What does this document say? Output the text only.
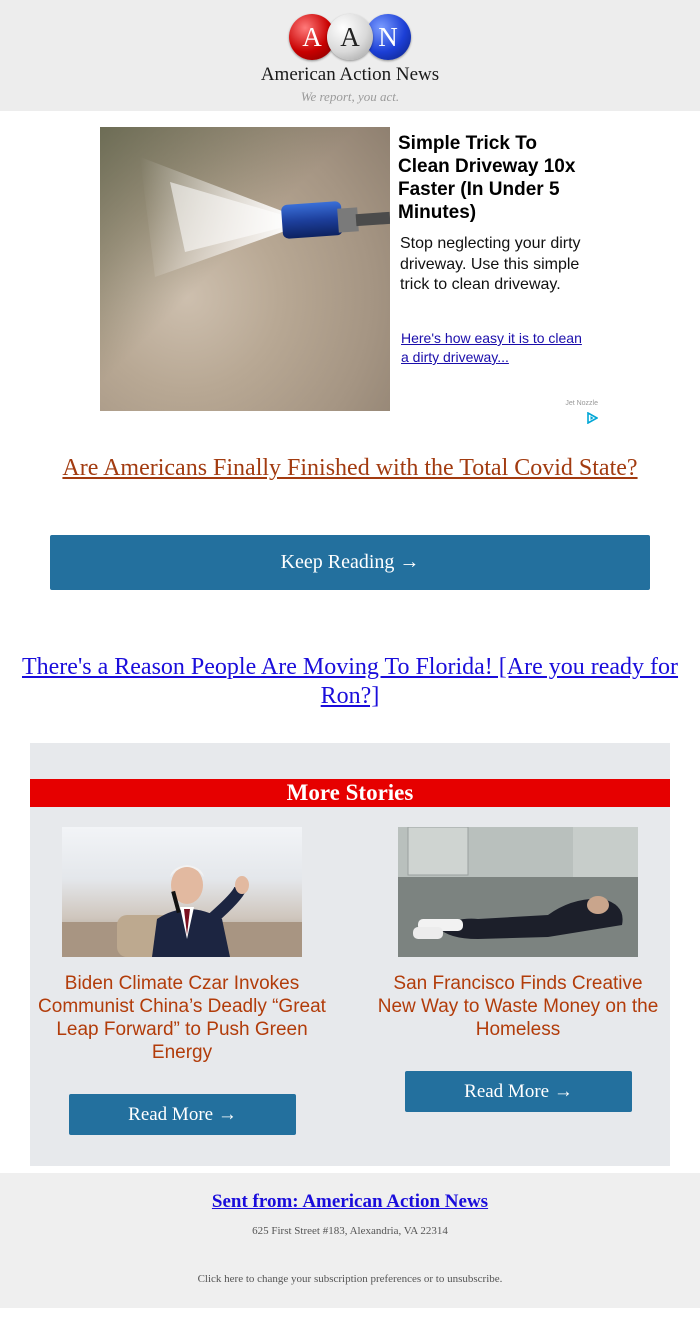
A A N
American Action News
We report, you act.
Simple Trick To Clean Driveway 10x Faster (In Under 5 Minutes)
Stop neglecting your dirty driveway. Use this simple trick to clean driveway.
Here's how easy it is to clean a dirty driveway...
Jet Nozzle
Are Americans Finally Finished with the Total Covid State?
Keep Reading →
There's a Reason People Are Moving To Florida! [Are you ready for Ron?]
More Stories
Biden Climate Czar Invokes Communist China’s Deadly “Great Leap Forward” to Push Green Energy
San Francisco Finds Creative New Way to Waste Money on the Homeless
Read More →
Read More →
Sent from: American Action News
625 First Street #183, Alexandria, VA 22314
Click here to change your subscription preferences or to unsubscribe.
